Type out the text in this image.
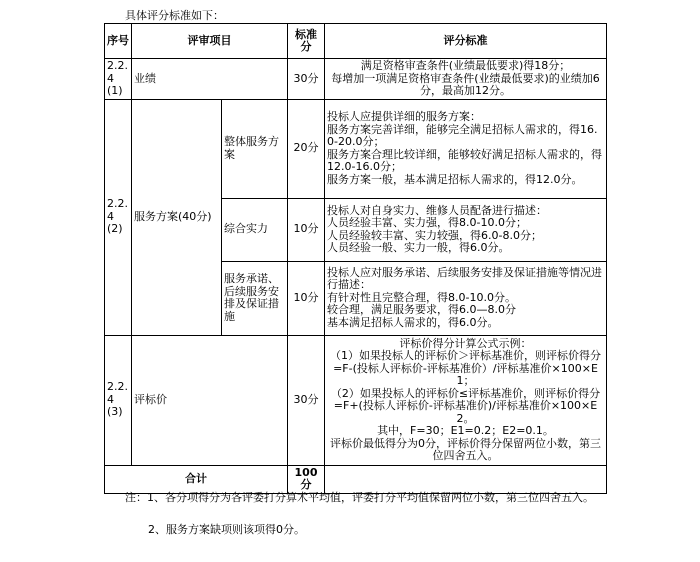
具体评分标准如下：
序号	评审项目		标准分	评分标准
2.2.4(1)	业绩		30分	满足资格审查条件(业绩最低要求)得18分；
每增加一项满足资格审查条件(业绩最低要求)的业绩加6分，最高加12分。

2.2.4(2)	服务方案(40分)	整体服务方案	20分	投标人应提供详细的服务方案：
服务方案完善详细，能够完全满足招标人需求的，得16.0-20.0分；
服务方案合理比较详细，能够较好满足招标人需求的，得12.0-16.0分；
服务方案一般，基本满足招标人需求的，得12.0分。

		综合实力	10分	投标人对自身实力、维修人员配备进行描述：
人员经验丰富、实力强，得8.0-10.0分；
人员经验较丰富、实力较强，得6.0-8.0分；
人员经验一般、实力一般，得6.0分。

		服务承诺、后续服务安排及保证措施	10分	投标人应对服务承诺、后续服务安排及保证措施等情况进行描述：
有针对性且完整合理，得8.0-10.0分。
较合理，满足服务要求，得6.0—8.0分
基本满足招标人需求的，得6.0分。

2.2.4(3)	评标价		30分	评标价得分计算公式示例：
（1）如果投标人的评标价＞评标基准价，则评标价得分=F-(投标人评标价-评标基准价）/评标基准价×100×E1；
（2）如果投标人的评标价≤评标基准价，则评标价得分=F+(投标人评标价-评标基准价)/评标基准价×100×E2。
其中，F=30；E1=0.2；E2=0.1。
评标价最低得分为0分，评标价得分保留两位小数，第三位四舍五入。

合计			100分	
注：1、各分项得分为各评委打分算术平均值，评委打分平均值保留两位小数，第三位四舍五入。
2、服务方案缺项则该项得0分。
